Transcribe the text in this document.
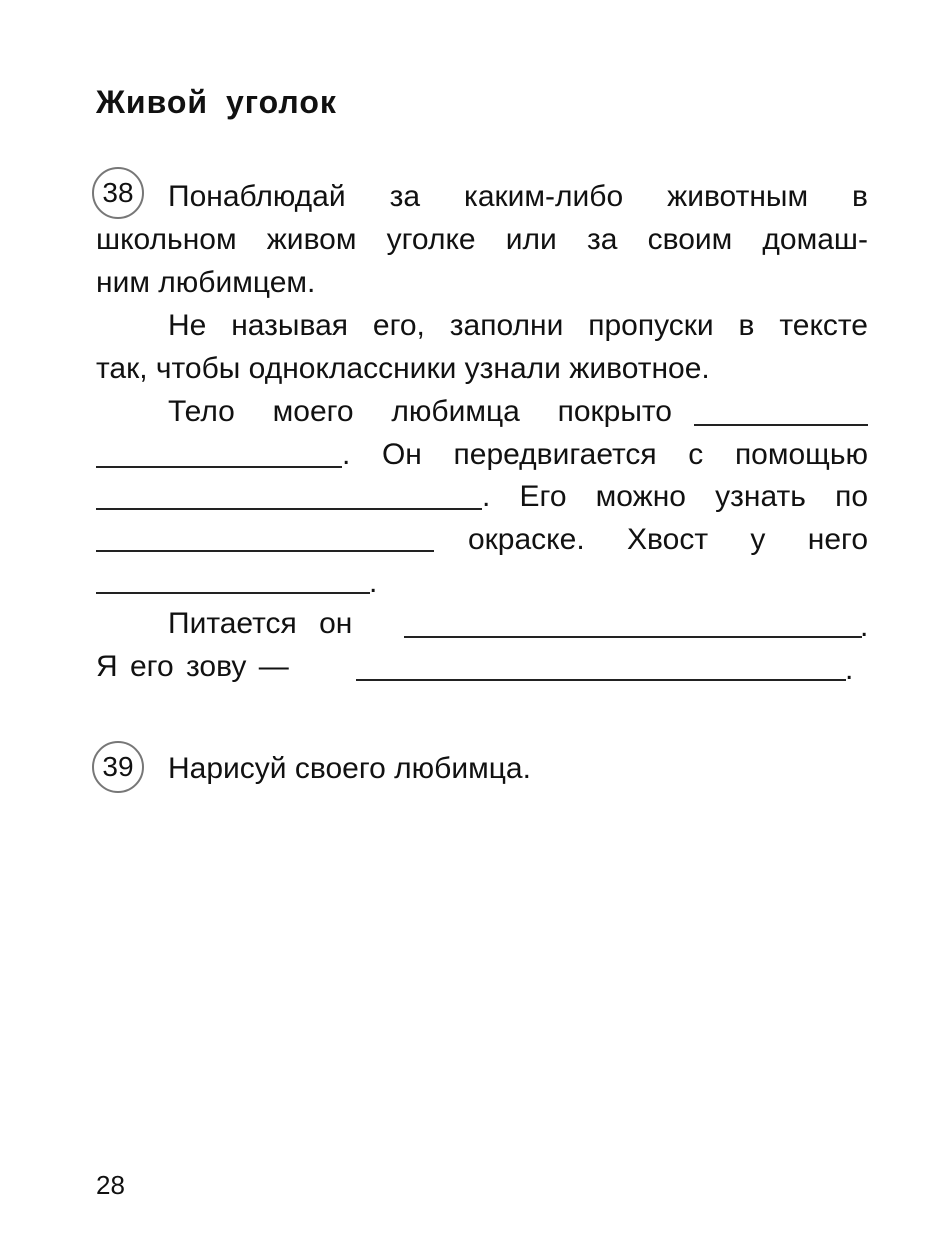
Живой уголок
38	Понаблюдай за каким-либо животным в
школьном живом уголке или за своим домаш-
ним любимцем.
Не называя его, заполни пропуски в тексте
так, чтобы одноклассники узнали животное.
Тело моего любимца покрыто
. Он передвигается с помощью
. Его можно узнать по
окраске. Хвост у него
.
Питается он	.
Я его зову —	.
39	Нарисуй своего любимца.
28
